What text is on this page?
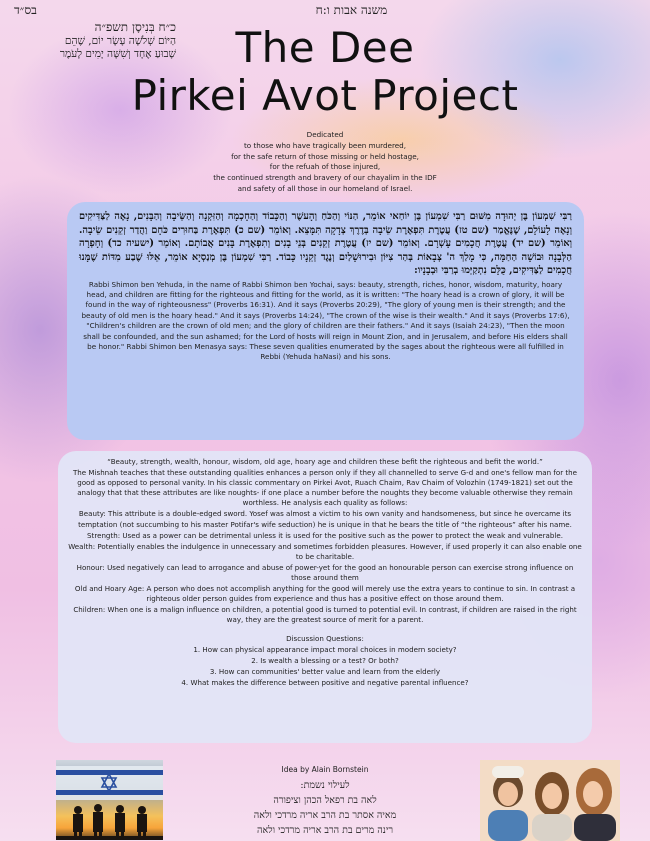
בס״ד	משנה אבות ו:ח
כ״ח בְּנִיסָן תשפ״ה
הַיּוֹם שְׁלֹשָׁה עָשָׂר יוֹם, שֶׁהֵם
שָׁבוּעַ אֶחָד וְשִׁשָּׁה יָמִים לָעֹמֶר	The Dee
Pirkei Avot Project
Dedicated
to those who have tragically been murdered,
for the safe return of those missing or held hostage,
for the refuah of those injured,
the continued strength and bravery of our chayalim in the IDF
and safety of all those in our homeland of Israel.
רַבִּי שִׁמְעוֹן בֶּן יְהוּדָה מִשּׁוּם רַבִּי שִׁמְעוֹן בֶּן יוֹחַאי אוֹמֵר, הַנּוֹי וְהַכֹּחַ וְהָעשֶׁר וְהַכָּבוֹד וְהַחָכְמָה וְהַזִּקְנָה וְהַשֵּׂיבָה וְהַבָּנִים, נָאֶה לַצַּדִּיקִים וְנָאֶה לָעוֹלָם, שֶׁנֶּאֱמַר (שם טז) עֲטֶרֶת תִּפְאֶרֶת שֵׂיבָה בְּדֶרֶךְ צְדָקָה תִּמָּצֵא. וְאוֹמֵר (שם כ) תִּפְאֶרֶת בַּחוּרִים כֹּחָם וַהֲדַר זְקֵנִים שֵׂיבָה. וְאוֹמֵר (שם יד) עֲטֶרֶת חֲכָמִים עָשְׁרָם. וְאוֹמֵר (שם יז) עֲטֶרֶת זְקֵנִים בְּנֵי בָנִים וְתִפְאֶרֶת בָּנִים אֲבוֹתָם. וְאוֹמֵר (ישעיה כד) וְחָפְרָה הַלְּבָנָה וּבוֹשָׁה הַחַמָּה, כִּי מָלַךְ ה' צְבָאוֹת בְּהַר צִיּוֹן וּבִירוּשָׁלַיִם וְנֶגֶד זְקֵנָיו כָּבוֹד. רַבִּי שִׁמְעוֹן בֶּן מְנַסְיָא אוֹמֵר, אֵלּוּ שֶׁבַע מִדּוֹת שֶׁמָּנוּ חֲכָמִים לַצַּדִּיקִים, כֻּלָּם נִתְקַיְּמוּ בְרַבִּי וּבְבָנָיו:
Rabbi Shimon ben Yehuda, in the name of Rabbi Shimon ben Yochai, says: beauty, strength, riches, honor, wisdom, maturity, hoary head, and children are fitting for the righteous and fitting for the world, as it is written: "The hoary head is a crown of glory, it will be found in the way of righteousness" (Proverbs 16:31). And it says (Proverbs 20:29), "The glory of young men is their strength; and the beauty of old men is the hoary head." And it says (Proverbs 14:24), "The crown of the wise is their wealth." And it says (Proverbs 17:6), "Children's children are the crown of old men; and the glory of children are their fathers." And it says (Isaiah 24:23), "Then the moon shall be confounded, and the sun ashamed; for the Lord of hosts will reign in Mount Zion, and in Jerusalem, and before His elders shall be honor." Rabbi Shimon ben Menasya says: These seven qualities enumerated by the sages about the righteous were all fulfilled in Rebbi (Yehuda haNasi) and his sons.

“Beauty, strength, wealth, honour, wisdom, old age, hoary age and children these befit the righteous and befit the world.”

The Mishnah teaches that these outstanding qualities enhances a person only if they all channelled to serve G-d and one's fellow man for the good as opposed to personal vanity. In his classic commentary on Pirkei Avot, Ruach Chaim, Rav Chaim of Volozhin (1749-1821) set out the analogy that that these attributes are like noughts- if one place a number before the noughts they become valuable otherwise they remain worthless. He analysis each quality as follows:

Beauty: This attribute is a double-edged sword. Yosef was almost a victim to his own vanity and handsomeness, but since he overcame its temptation (not succumbing to his master Potifar's wife seduction) he is unique in that he bears the title of “the righteous” after his name.

Strength: Used as a power can be detrimental unless it is used for the positive such as the power to protect the weak and vulnerable.

Wealth: Potentially enables the indulgence in unnecessary and sometimes forbidden pleasures. However, if used properly it can also enable one to be charitable.

Honour: Used negatively can lead to arrogance and abuse of power-yet for the good an honourable person can exercise strong influence on those around them

Old and Hoary Age: A person who does not accomplish anything for the good will merely use the extra years to continue to sin. In contrast a righteous older person guides from experience and thus has a positive effect on those around them.

Children: When one is a malign influence on children, a potential good is turned to potential evil. In contrast, if children are raised in the right way, they are the greatest source of merit for a parent.

Discussion Questions:

1. How can physical appearance impact moral choices in modern society?

2. Is wealth a blessing or a test? Or both?

3. How can communities' better value and learn from the elderly

4. What makes the difference between positive and negative parental influence?

Idea by Alain Bornstein
לעילוי נשמת:
לאה בת רפאל הכהן וציפורה
מאיה אסתר בת הרב אריה מרדכי ולאה
רינה מרים בת הרב אריה מרדכי ולאה
